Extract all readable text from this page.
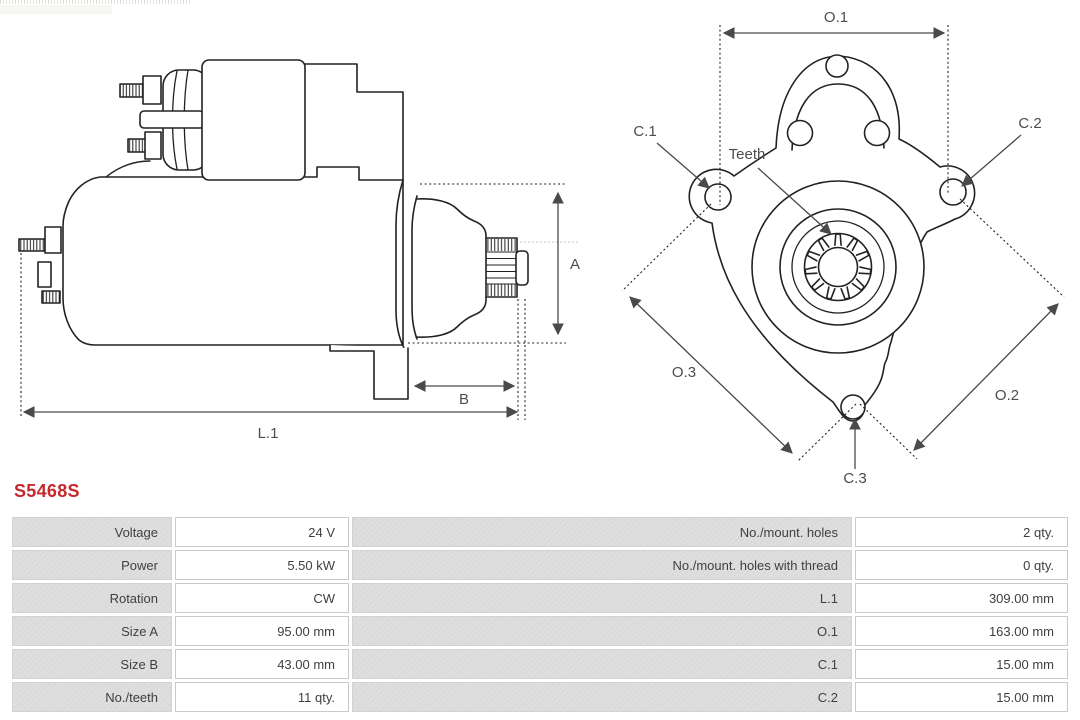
A
B
L.1
O.1
C.1	C.2
Teeth
O.3
O.2
C.3
S5468S
Voltage	24 V	No./mount. holes	2 qty.
Power	5.50 kW	No./mount. holes with thread	0 qty.
Rotation	CW	L.1	309.00 mm
Size A	95.00 mm	O.1	163.00 mm
Size B	43.00 mm	C.1	15.00 mm
No./teeth	11 qty.	C.2	15.00 mm
